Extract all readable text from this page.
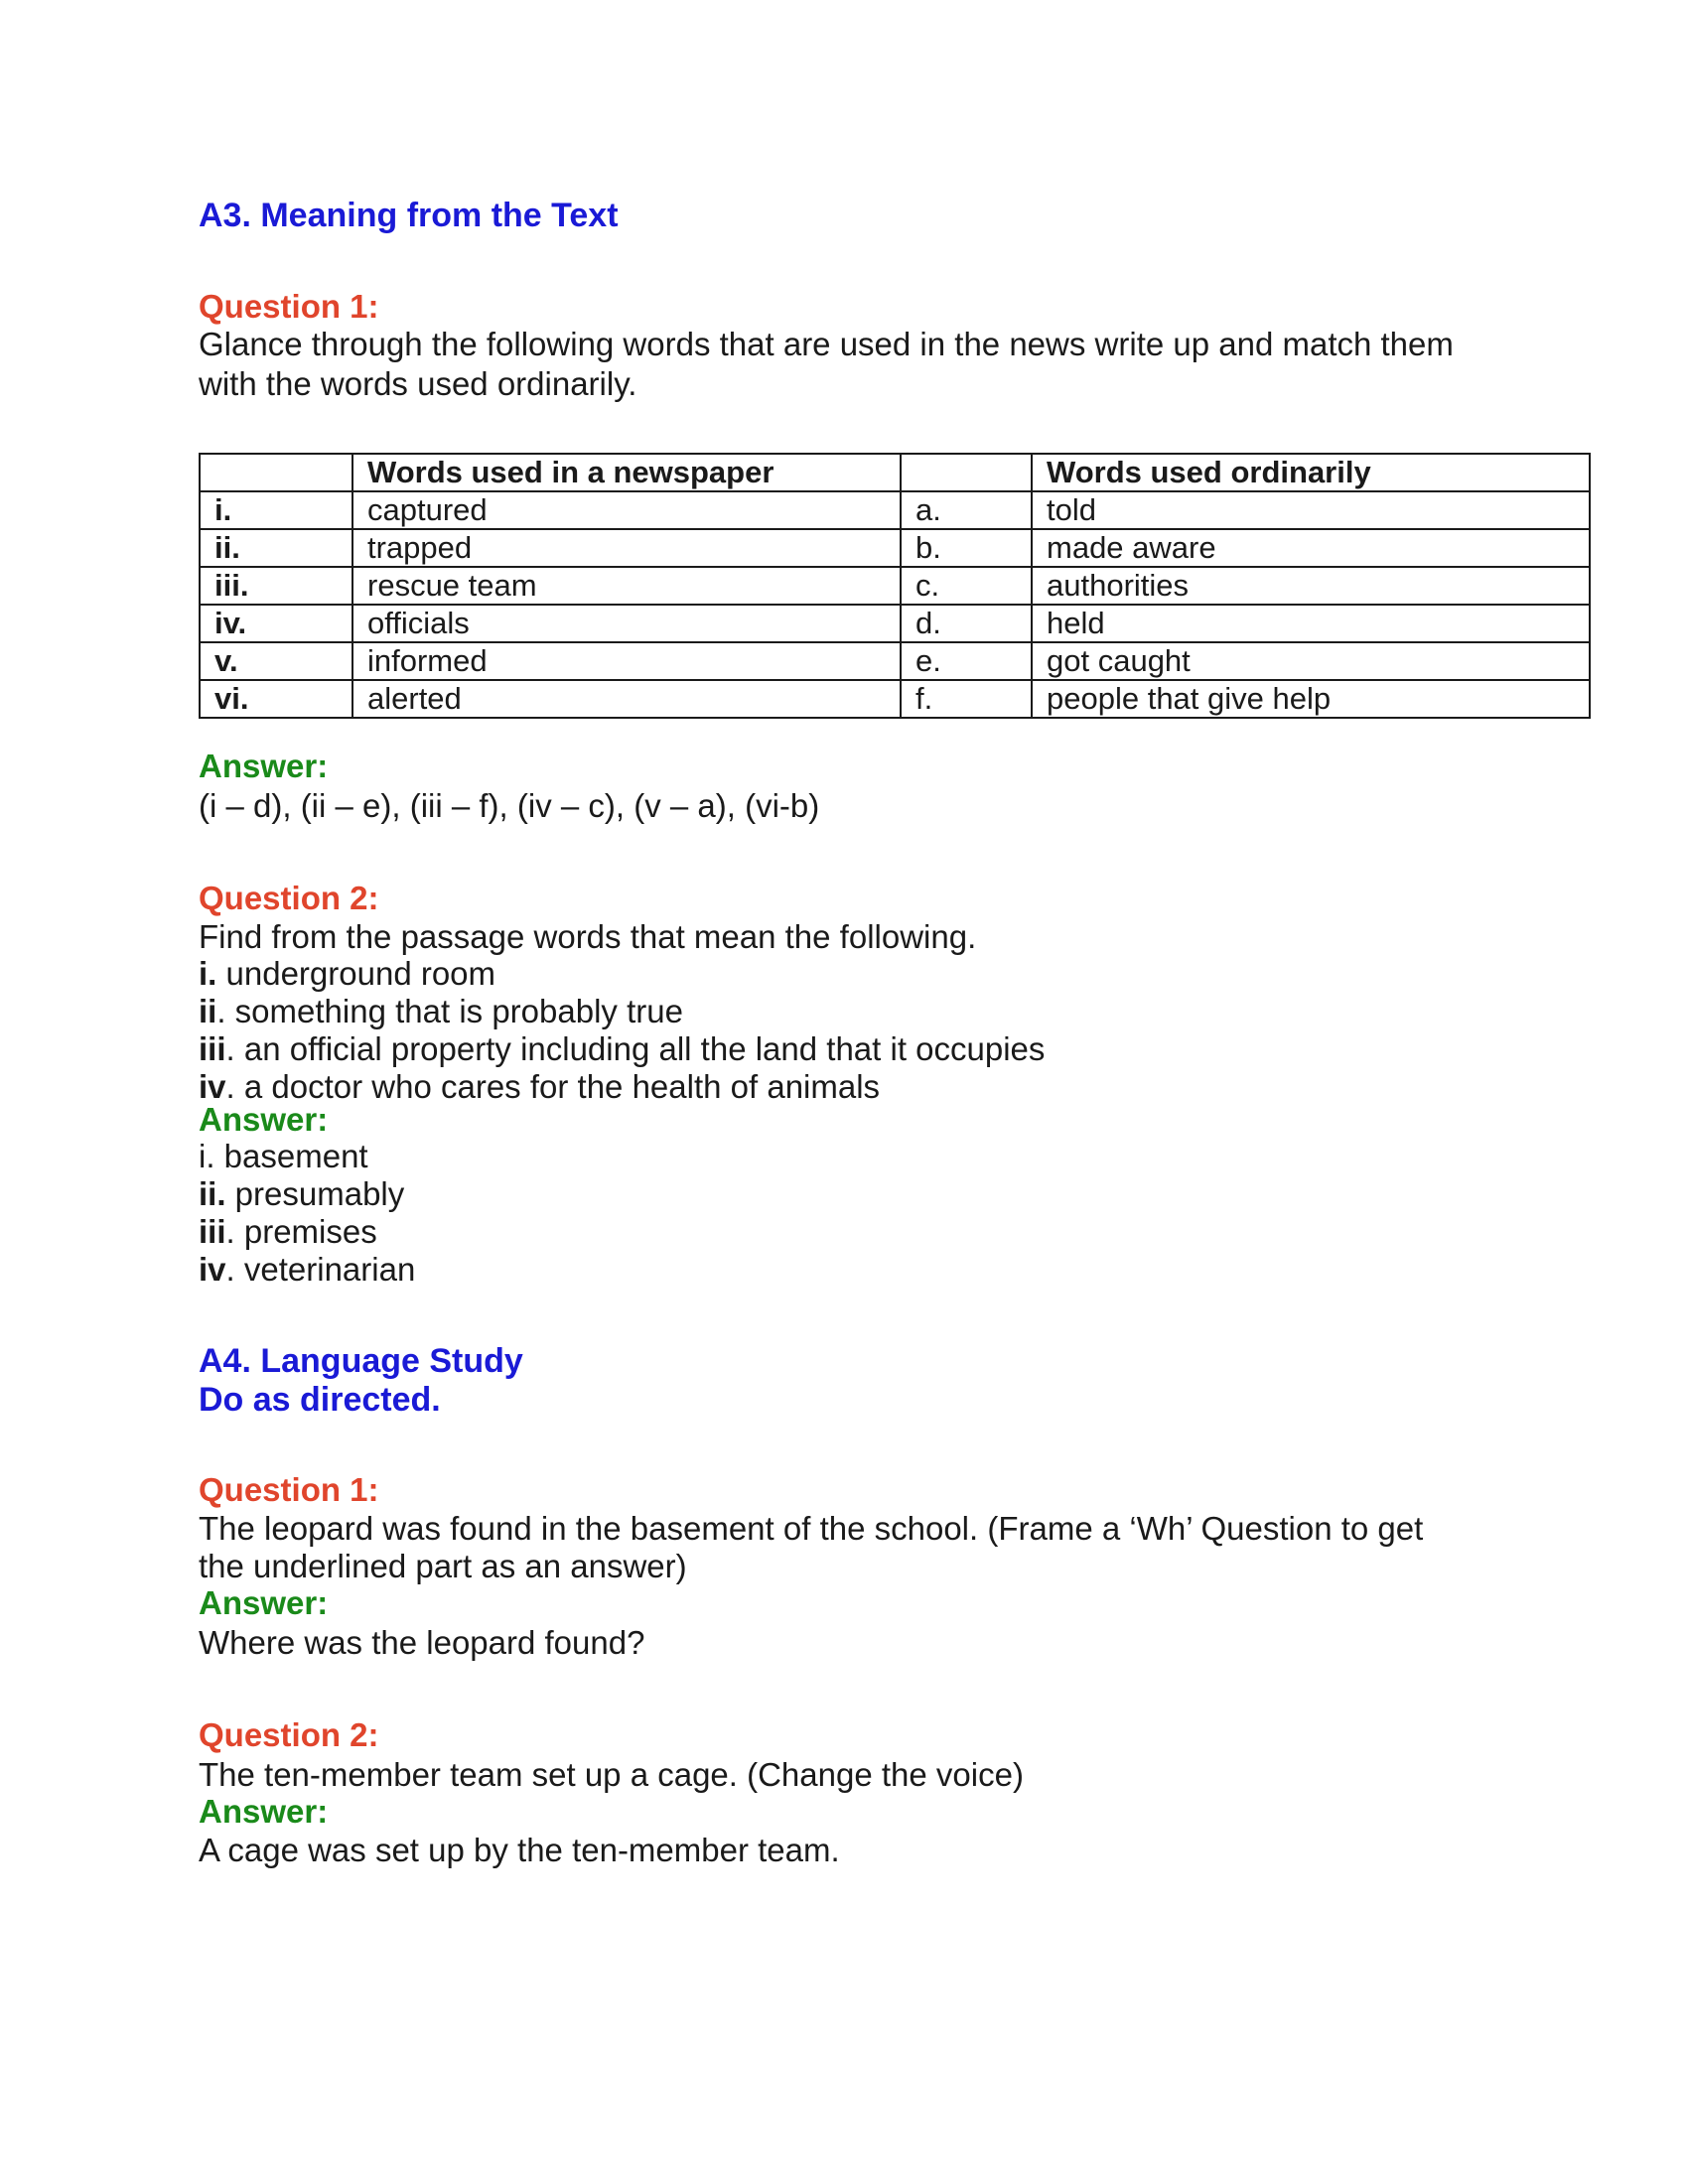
A3. Meaning from the Text
Question 1:
Glance through the following words that are used in the news write up and match them with the words used ordinarily.
	Words used in a newspaper		Words used ordinarily
i.	captured	a.	told
ii.	trapped	b.	made aware
iii.	rescue team	c.	authorities
iv.	officials	d.	held
v.	informed	e.	got caught
vi.	alerted	f.	people that give help
Answer:
(i – d), (ii – e), (iii – f), (iv – c), (v – a), (vi-b)
Question 2:
Find from the passage words that mean the following.
i. underground room
ii. something that is probably true
iii. an official property including all the land that it occupies
iv. a doctor who cares for the health of animals
Answer:
i. basement
ii. presumably
iii. premises
iv. veterinarian
A4. Language Study
Do as directed.
Question 1:
The leopard was found in the basement of the school. (Frame a ‘Wh’ Question to get
the underlined part as an answer)
Answer:
Where was the leopard found?
Question 2:
The ten-member team set up a cage. (Change the voice)
Answer:
A cage was set up by the ten-member team.
